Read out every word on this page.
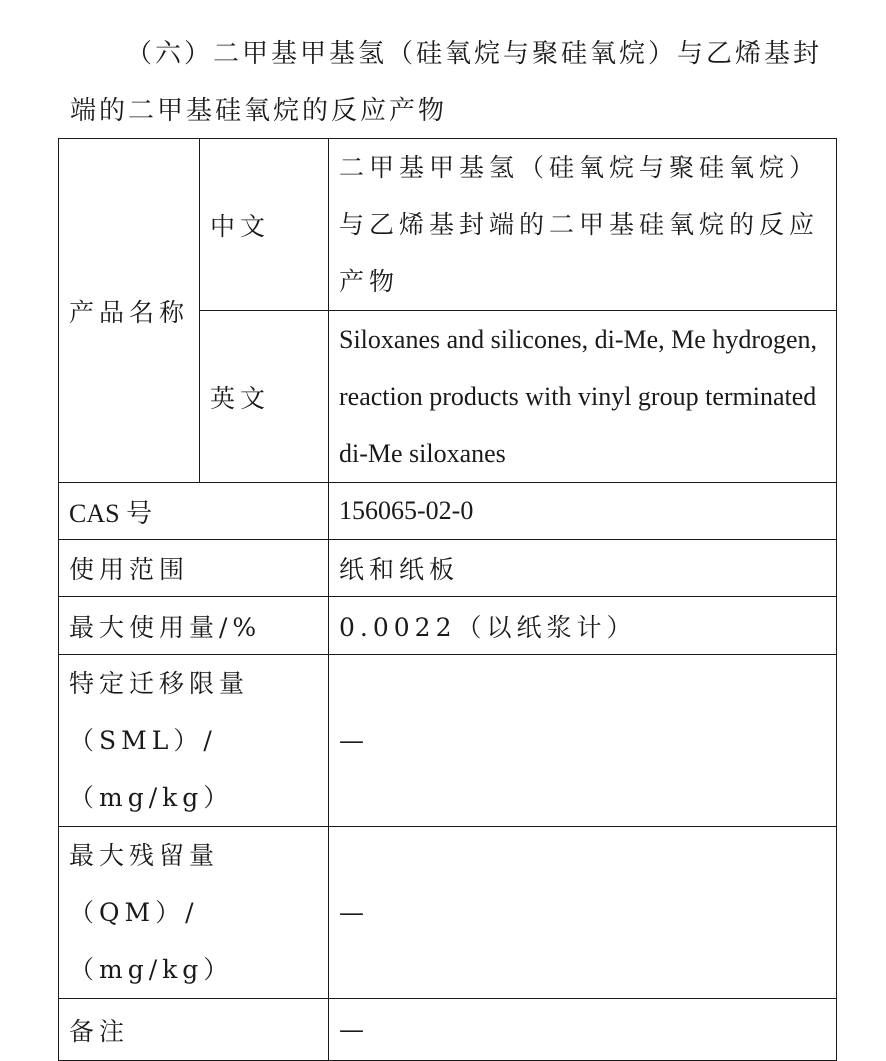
（六）二甲基甲基氢（硅氧烷与聚硅氧烷）与乙烯基封

端的二甲基硅氧烷的反应产物

产品名称	中文	二甲基甲基氢（硅氧烷与聚硅氧烷）与乙烯基封端的二甲基硅氧烷的反应产物
	英文	Siloxanes and silicones, di-Me, Me hydrogen, reaction products with vinyl group terminated di-Me siloxanes
CAS 号		156065-02-0
使用范围		纸和纸板
最大使用量/%		0.0022（以纸浆计）

特定迁移限量
（SML）/（mg/kg）		—

最大残留量
（QM）/（mg/kg）		—
备注		—
